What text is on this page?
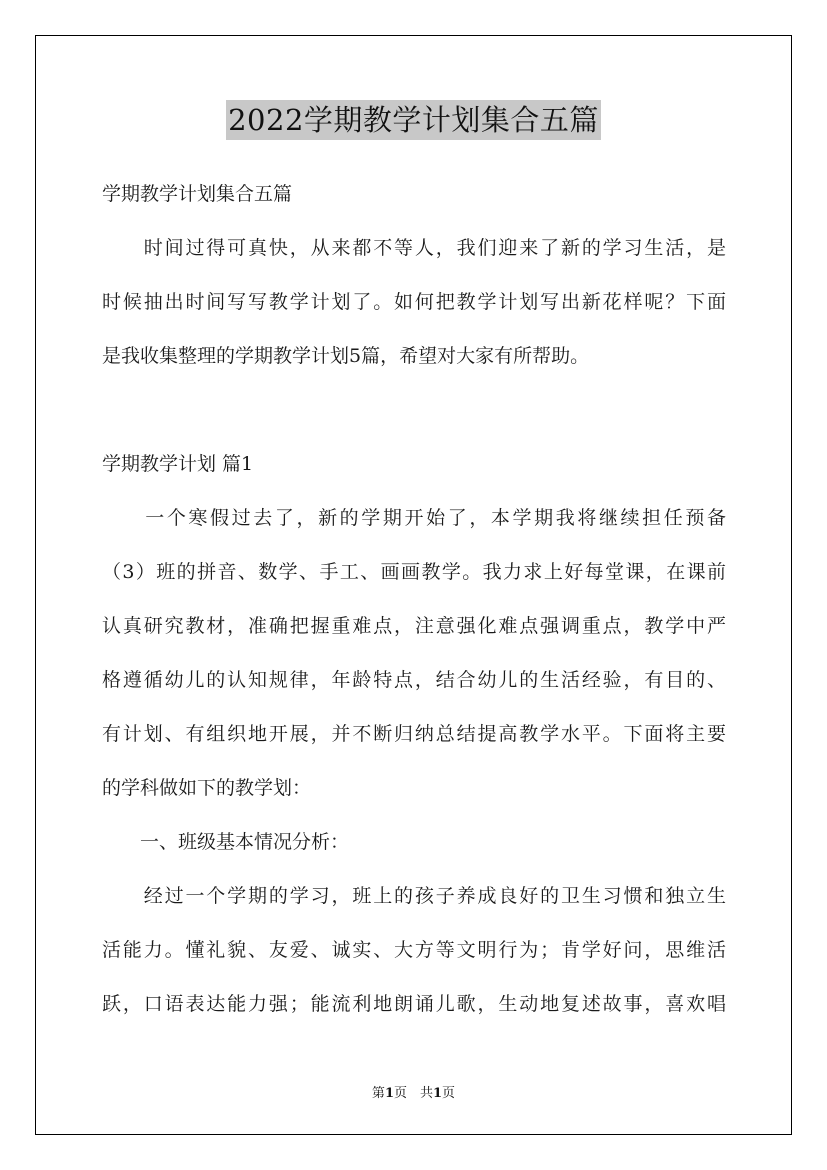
2022学期教学计划集合五篇
学期教学计划集合五篇
　　时间过得可真快，从来都不等人，我们迎来了新的学习生活，是
时候抽出时间写写教学计划了。如何把教学计划写出新花样呢？下面
是我收集整理的学期教学计划5篇，希望对大家有所帮助。
学期教学计划 篇1
　　一个寒假过去了，新的学期开始了，本学期我将继续担任预备
（3）班的拼音、数学、手工、画画教学。我力求上好每堂课，在课前
认真研究教材，准确把握重难点，注意强化难点强调重点，教学中严
格遵循幼儿的认知规律，年龄特点，结合幼儿的生活经验，有目的、
有计划、有组织地开展，并不断归纳总结提高教学水平。下面将主要
的学科做如下的教学划：
　　一、班级基本情况分析：
　　经过一个学期的学习，班上的孩子养成良好的卫生习惯和独立生
活能力。懂礼貌、友爱、诚实、大方等文明行为；肯学好问，思维活
跃，口语表达能力强；能流利地朗诵儿歌，生动地复述故事，喜欢唱
第1页　共1页
